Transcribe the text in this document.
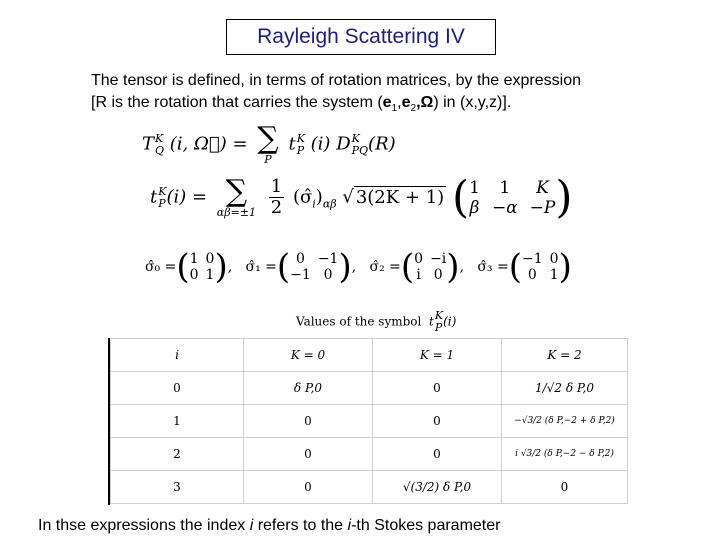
Rayleigh Scattering IV
The tensor is defined, in terms of rotation matrices, by the expression
[R is the rotation that carries the system $(e_1,e_2,\Omega)$ in (x,y,z)].
TK
Q (i, Ω⃗) = ∑
P
tK
P (i) DK
PQ(R)
tK
P(i) = ∑
αβ=±1
$\frac{1}{2}$ $(\sigmâ_i)_{\alpha\beta}$ √ 3(2K + 1) ( 1	1	K
β −α −P )
σ̂₀ =( 1 0
0 1 ),   σ̂₁ =( 0 −1
−1 0 ),   σ̂₂ =( 0 −i
i 0 ),   σ̂₃ =( −1 0
0 1 )
Values of the symbol tK
P(i)
i	K = 0	K = 1	K = 2
0	δ P,0	0	1/√2 δ P,0
1	0	0	−√3/2 (δ P,−2 + δ P,2)
2	0	0	i √3/2 (δ P,−2 − δ P,2)
3	0	√(3/2) δ P,0	0
In thse expressions the index i refers to the i-th Stokes parameter
